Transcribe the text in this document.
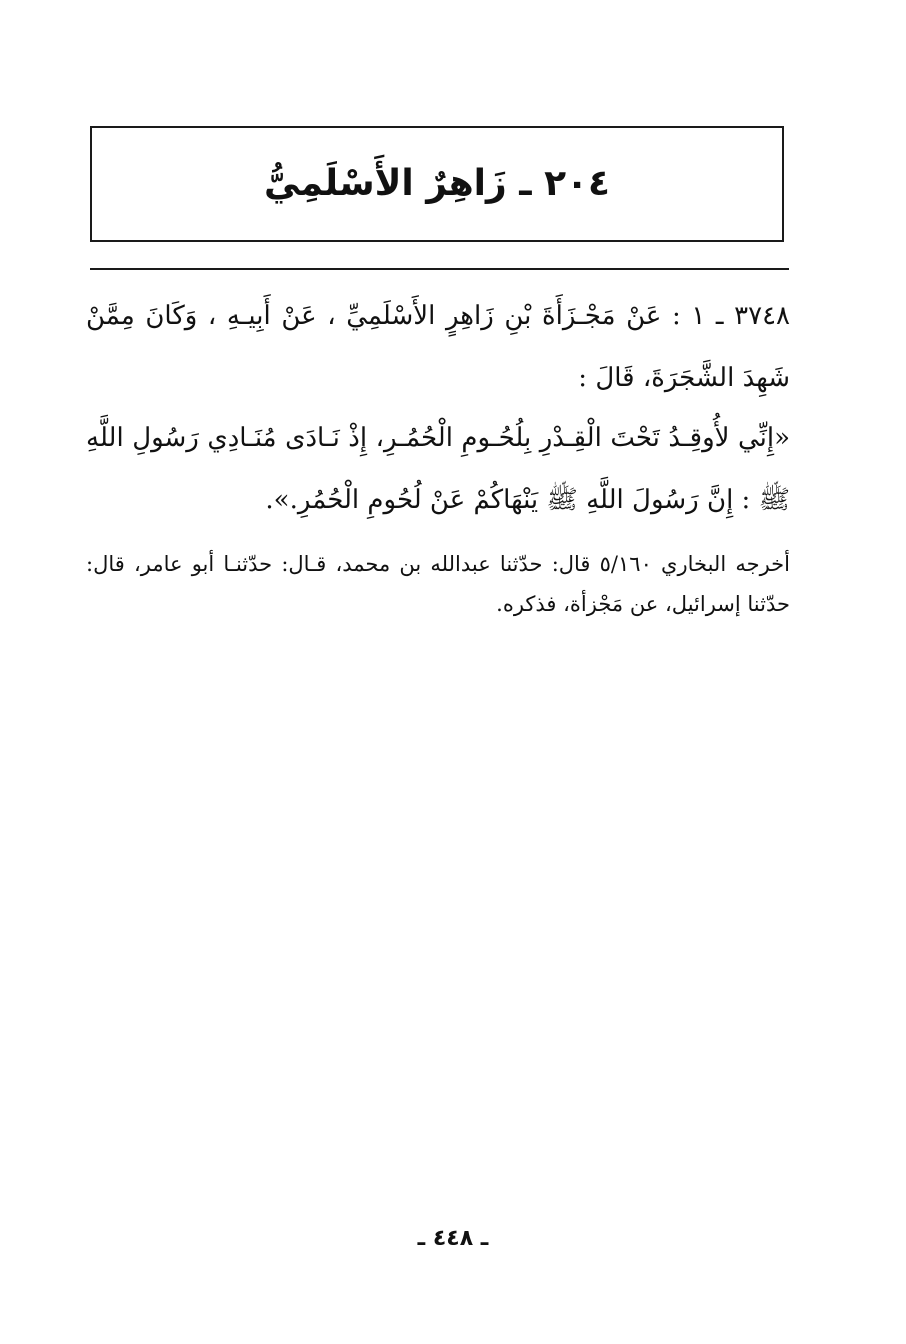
٢٠٤ ـ زَاهِرٌ الأَسْلَمِيُّ

٣٧٤٨ ـ ١ : عَنْ مَجْـزَأَةَ بْنِ زَاهِرٍ الأَسْلَمِيِّ ، عَنْ أَبِيـهِ ، وَكَانَ مِمَّنْ شَهِدَ الشَّجَرَةَ، قَالَ :

«إِنِّي لأُوقِـدُ تَحْتَ الْقِـدْرِ بِلُحُـومِ الْحُمُـرِ، إِذْ نَـادَى مُنَـادِي رَسُولِ اللَّهِ ﷺ : إِنَّ رَسُولَ اللَّهِ ﷺ يَنْهَاكُمْ عَنْ لُحُومِ الْحُمُرِ.».

أخرجه البخاري ٥/١٦٠ قال: حدّثنا عبدالله بن محمد، قـال: حدّثنـا أبو عامر، قال: حدّثنا إسرائيل، عن مَجْزأة، فذكره.

ـ ٤٤٨ ـ
